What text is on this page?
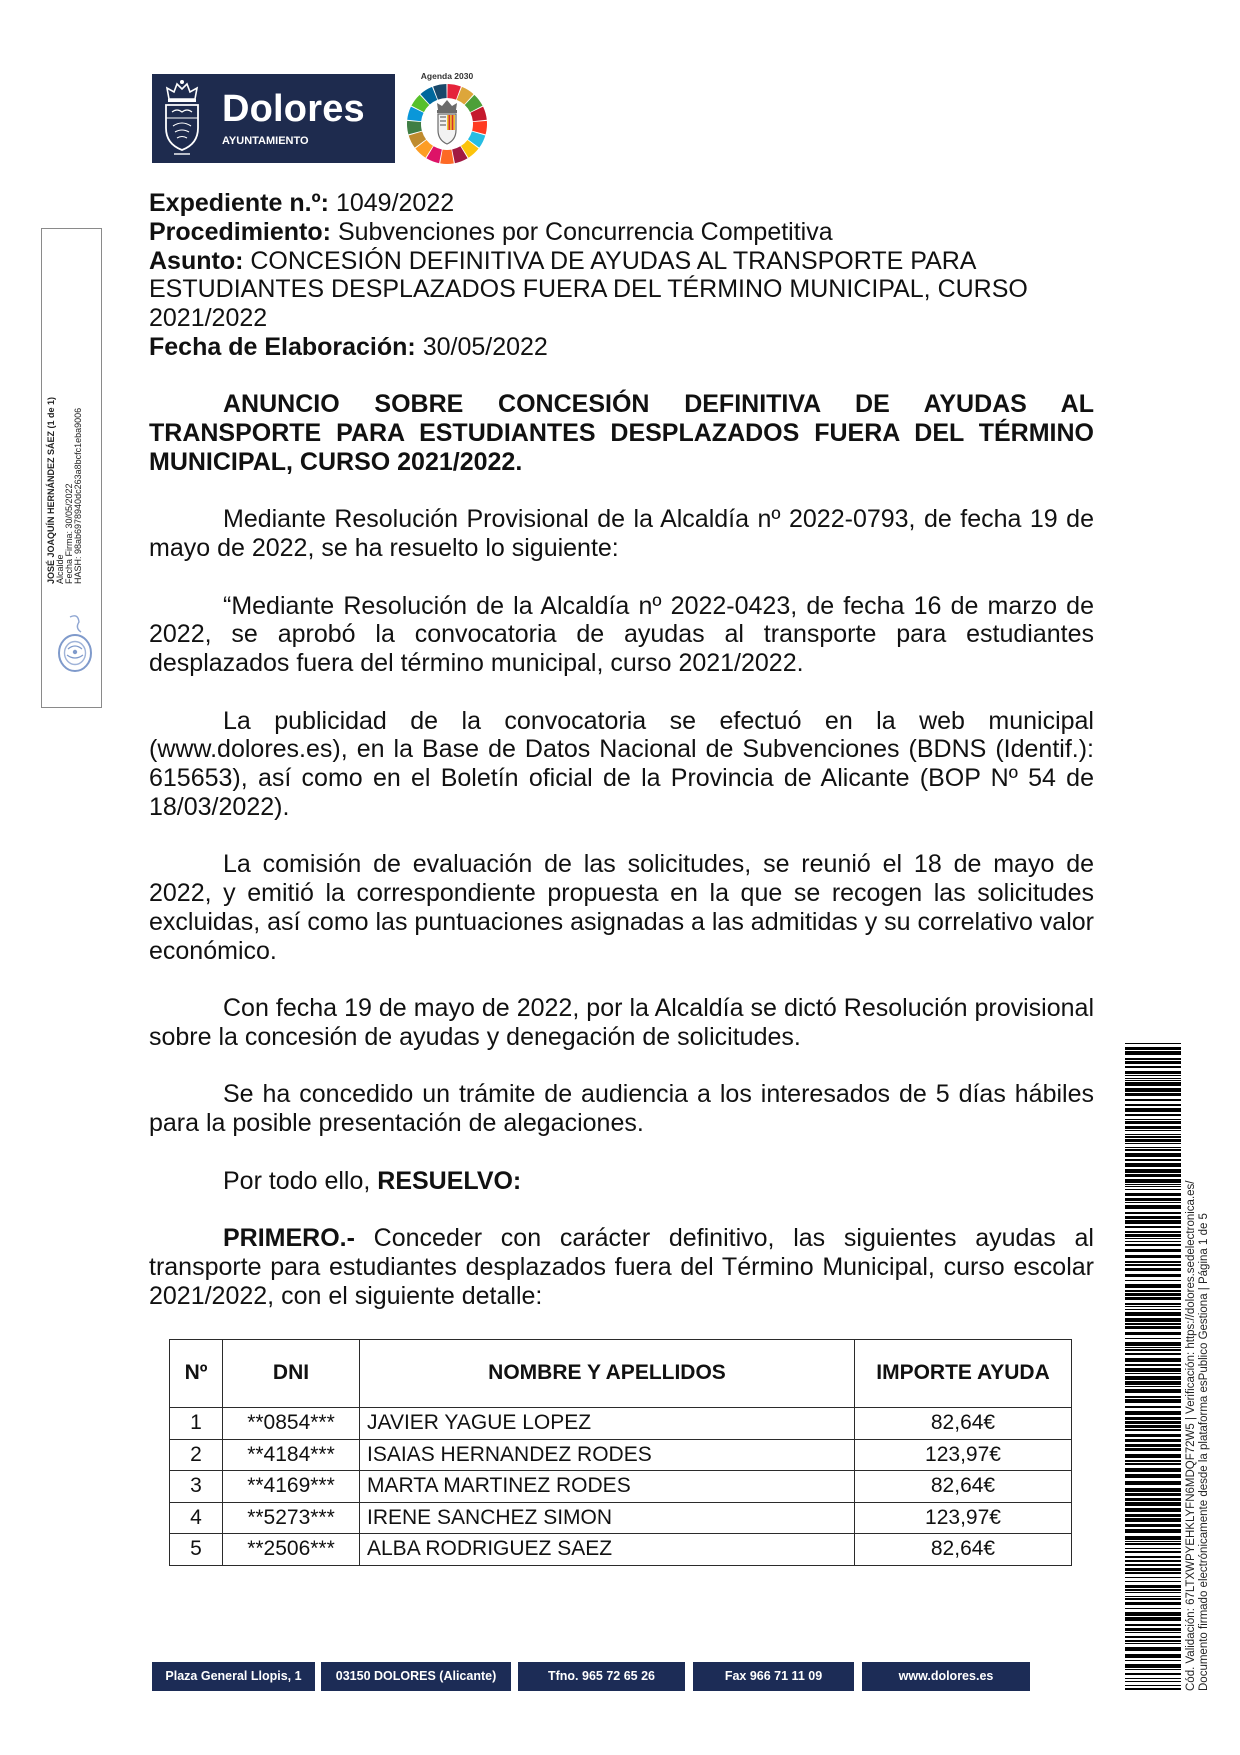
Dolores
AYUNTAMIENTO
Agenda 2030
JOSÉ JOAQUÍN HERNÁNDEZ SÁEZ (1 de 1) Alcalde Fecha Firma: 30/05/2022 HASH: 98ab6978940dc263a8bcfc1eba9006

Expediente n.º: 1049/2022

Procedimiento: Subvenciones por Concurrencia Competitiva

Asunto: CONCESIÓN DEFINITIVA DE AYUDAS AL TRANSPORTE PARA ESTUDIANTES DESPLAZADOS FUERA DEL TÉRMINO MUNICIPAL, CURSO 2021/2022

Fecha de Elaboración: 30/05/2022

ANUNCIO SOBRE CONCESIÓN DEFINITIVA DE AYUDAS AL TRANSPORTE PARA ESTUDIANTES DESPLAZADOS FUERA DEL TÉRMINO MUNICIPAL, CURSO 2021/2022.

Mediante Resolución Provisional de la Alcaldía nº 2022-0793, de fecha 19 de mayo de 2022, se ha resuelto lo siguiente:

“Mediante Resolución de la Alcaldía nº 2022-0423, de fecha 16 de marzo de 2022, se aprobó la convocatoria de ayudas al transporte para estudiantes desplazados fuera del término municipal, curso 2021/2022.

La publicidad de la convocatoria se efectuó en la web municipal (www.dolores.es), en la Base de Datos Nacional de Subvenciones (BDNS (Identif.): 615653), así como en el Boletín oficial de la Provincia de Alicante (BOP Nº 54 de 18/03/2022).

La comisión de evaluación de las solicitudes, se reunió el 18 de mayo de 2022, y emitió la correspondiente propuesta en la que se recogen las solicitudes excluidas, así como las puntuaciones asignadas a las admitidas y su correlativo valor económico.

Con fecha 19 de mayo de 2022, por la Alcaldía se dictó Resolución provisional sobre la concesión de ayudas y denegación de solicitudes.

Se ha concedido un trámite de audiencia a los interesados de 5 días hábiles para la posible presentación de alegaciones.

Por todo ello, RESUELVO:

PRIMERO.- Conceder con carácter definitivo, las siguientes ayudas al transporte para estudiantes desplazados fuera del Término Municipal, curso escolar 2021/2022, con el siguiente detalle:

Nº	DNI	NOMBRE Y APELLIDOS	IMPORTE AYUDA
1	**0854***	JAVIER YAGUE LOPEZ	82,64€
2	**4184***	ISAIAS HERNANDEZ RODES	123,97€
3	**4169***	MARTA MARTINEZ RODES	82,64€
4	**5273***	IRENE SANCHEZ SIMON	123,97€
5	**2506***	ALBA RODRIGUEZ SAEZ	82,64€	Cód. Validación: 67LTXWPYEHKLYFN6MDQF72W5 | Verificación: https://dolores.sedelectronica.es/ Documento firmado electrónicamente desde la plataforma esPublico Gestiona | Página 1 de 5
Plaza General Llopis, 1	03150 DOLORES (Alicante)	Tfno. 965 72 65 26	Fax 966 71 11 09	www.dolores.es
